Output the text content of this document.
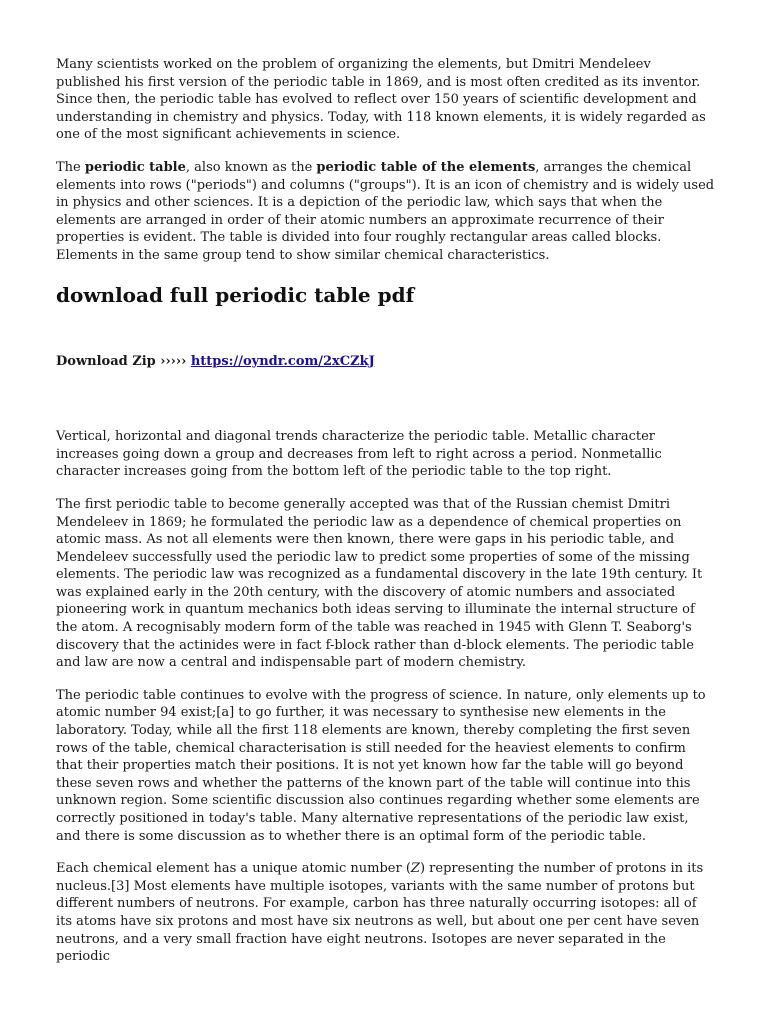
Many scientists worked on the problem of organizing the elements, but Dmitri Mendeleev published his first version of the periodic table in 1869, and is most often credited as its inventor. Since then, the periodic table has evolved to reflect over 150 years of scientific development and understanding in chemistry and physics. Today, with 118 known elements, it is widely regarded as one of the most significant achievements in science.

The periodic table, also known as the periodic table of the elements, arranges the chemical elements into rows ("periods") and columns ("groups"). It is an icon of chemistry and is widely used in physics and other sciences. It is a depiction of the periodic law, which says that when the elements are arranged in order of their atomic numbers an approximate recurrence of their properties is evident. The table is divided into four roughly rectangular areas called blocks. Elements in the same group tend to show similar chemical characteristics.

download full periodic table pdf
Download Zip ››››› https://oyndr.com/2xCZkJ

Vertical, horizontal and diagonal trends characterize the periodic table. Metallic character increases going down a group and decreases from left to right across a period. Nonmetallic character increases going from the bottom left of the periodic table to the top right.

The first periodic table to become generally accepted was that of the Russian chemist Dmitri Mendeleev in 1869; he formulated the periodic law as a dependence of chemical properties on atomic mass. As not all elements were then known, there were gaps in his periodic table, and Mendeleev successfully used the periodic law to predict some properties of some of the missing elements. The periodic law was recognized as a fundamental discovery in the late 19th century. It was explained early in the 20th century, with the discovery of atomic numbers and associated pioneering work in quantum mechanics both ideas serving to illuminate the internal structure of the atom. A recognisably modern form of the table was reached in 1945 with Glenn T. Seaborg's discovery that the actinides were in fact f-block rather than d-block elements. The periodic table and law are now a central and indispensable part of modern chemistry.

The periodic table continues to evolve with the progress of science. In nature, only elements up to atomic number 94 exist;[a] to go further, it was necessary to synthesise new elements in the laboratory. Today, while all the first 118 elements are known, thereby completing the first seven rows of the table, chemical characterisation is still needed for the heaviest elements to confirm that their properties match their positions. It is not yet known how far the table will go beyond these seven rows and whether the patterns of the known part of the table will continue into this unknown region. Some scientific discussion also continues regarding whether some elements are correctly positioned in today's table. Many alternative representations of the periodic law exist, and there is some discussion as to whether there is an optimal form of the periodic table.

Each chemical element has a unique atomic number (Z) representing the number of protons in its nucleus.[3] Most elements have multiple isotopes, variants with the same number of protons but different numbers of neutrons. For example, carbon has three naturally occurring isotopes: all of its atoms have six protons and most have six neutrons as well, but about one per cent have seven neutrons, and a very small fraction have eight neutrons. Isotopes are never separated in the periodic
